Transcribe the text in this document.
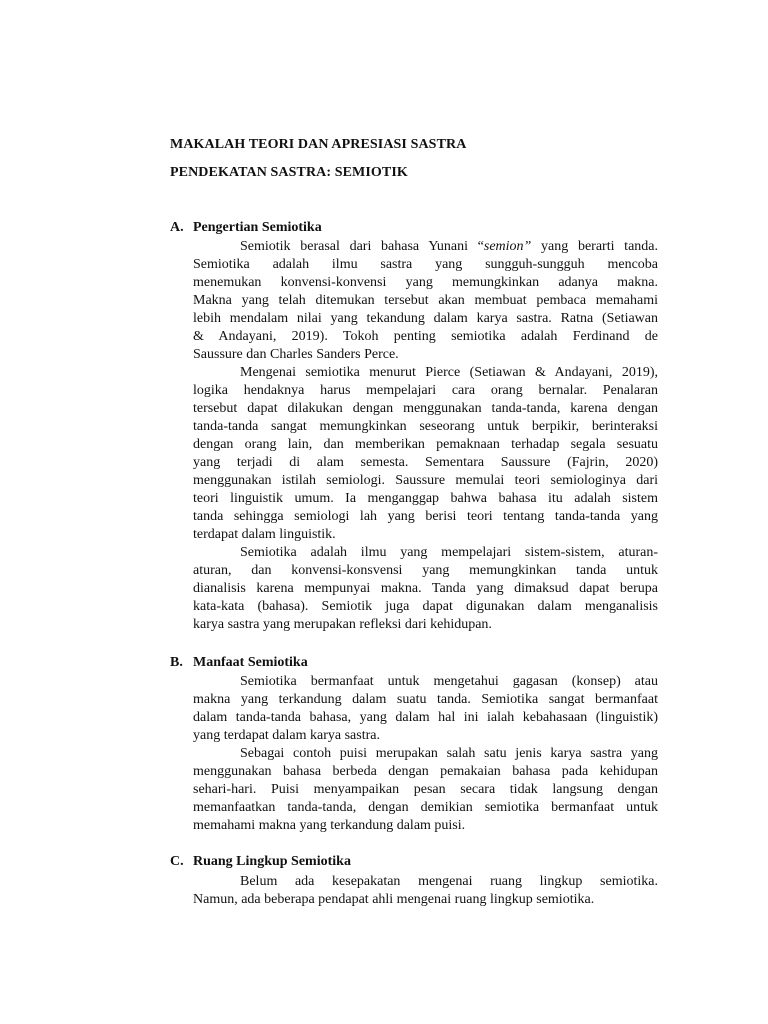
MAKALAH TEORI DAN APRESIASI SASTRA
PENDEKATAN SASTRA: SEMIOTIK
A. Pengertian Semiotika
Semiotik berasal dari bahasa Yunani “semion” yang berarti tanda.
Semiotika adalah ilmu sastra yang sungguh-sungguh mencoba
menemukan konvensi-konvensi yang memungkinkan adanya makna.
Makna yang telah ditemukan tersebut akan membuat pembaca memahami
lebih mendalam nilai yang tekandung dalam karya sastra. Ratna (Setiawan
& Andayani, 2019). Tokoh penting semiotika adalah Ferdinand de
Saussure dan Charles Sanders Perce.
Mengenai semiotika menurut Pierce (Setiawan & Andayani, 2019),
logika hendaknya harus mempelajari cara orang bernalar. Penalaran
tersebut dapat dilakukan dengan menggunakan tanda-tanda, karena dengan
tanda-tanda sangat memungkinkan seseorang untuk berpikir, berinteraksi
dengan orang lain, dan memberikan pemaknaan terhadap segala sesuatu
yang terjadi di alam semesta. Sementara Saussure (Fajrin, 2020)
menggunakan istilah semiologi. Saussure memulai teori semiologinya dari
teori linguistik umum. Ia menganggap bahwa bahasa itu adalah sistem
tanda sehingga semiologi lah yang berisi teori tentang tanda-tanda yang
terdapat dalam linguistik.
Semiotika adalah ilmu yang mempelajari sistem-sistem, aturan-
aturan, dan konvensi-konsvensi yang memungkinkan tanda untuk
dianalisis karena mempunyai makna. Tanda yang dimaksud dapat berupa
kata-kata (bahasa). Semiotik juga dapat digunakan dalam menganalisis
karya sastra yang merupakan refleksi dari kehidupan.
B. Manfaat Semiotika
Semiotika bermanfaat untuk mengetahui gagasan (konsep) atau
makna yang terkandung dalam suatu tanda. Semiotika sangat bermanfaat
dalam tanda-tanda bahasa, yang dalam hal ini ialah kebahasaan (linguistik)
yang terdapat dalam karya sastra.
Sebagai contoh puisi merupakan salah satu jenis karya sastra yang
menggunakan bahasa berbeda dengan pemakaian bahasa pada kehidupan
sehari-hari. Puisi menyampaikan pesan secara tidak langsung dengan
memanfaatkan tanda-tanda, dengan demikian semiotika bermanfaat untuk
memahami makna yang terkandung dalam puisi.
C. Ruang Lingkup Semiotika
Belum ada kesepakatan mengenai ruang lingkup semiotika.
Namun, ada beberapa pendapat ahli mengenai ruang lingkup semiotika.
